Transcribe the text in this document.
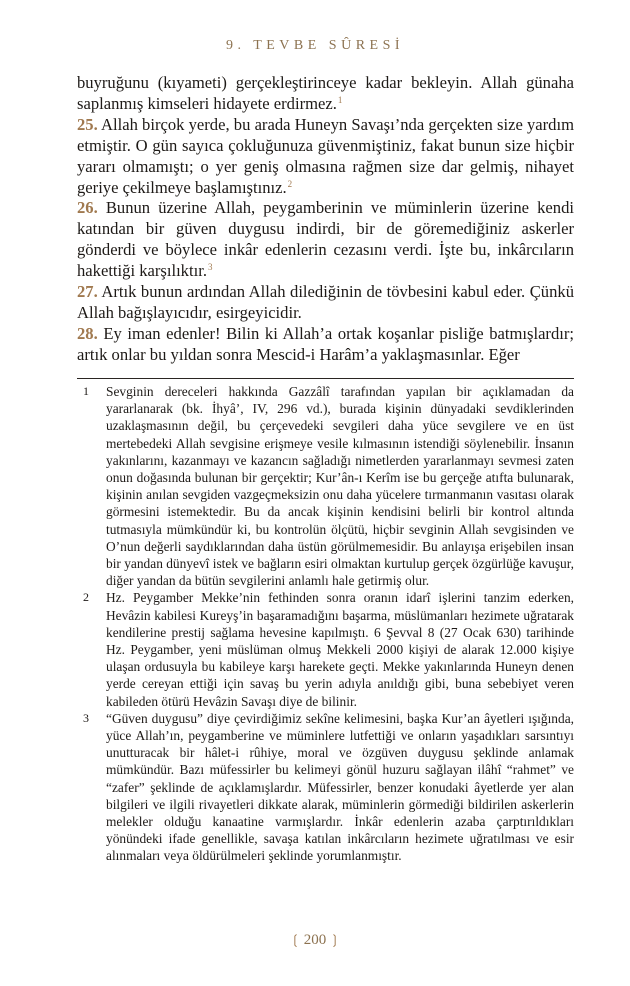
9. TEVBE SÛRESİ

buyruğunu (kıyameti) gerçekleştirinceye kadar bekleyin. Allah günaha saplanmış kimseleri hidayete erdirmez.$^1$

25. Allah birçok yerde, bu arada Huneyn Savaşı’nda gerçekten size yardım etmiştir. O gün sayıca çokluğunuza güvenmiştiniz, fakat bunun size hiçbir yararı olmamıştı; o yer geniş olmasına rağmen size dar gelmiş, nihayet geriye çekilmeye başlamıştınız.$^2$

26. Bunun üzerine Allah, peygamberinin ve müminlerin üzerine kendi katından bir güven duygusu indirdi, bir de göremediğiniz askerler gönderdi ve böylece inkâr edenlerin cezasını verdi. İşte bu, inkârcıların hakettiği karşılıktır.$^3$

27. Artık bunun ardından Allah dilediğinin de tövbesini kabul eder. Çünkü Allah bağışlayıcıdır, esirgeyicidir.

28. Ey iman edenler! Bilin ki Allah’a ortak koşanlar pisliğe batmışlardır; artık onlar bu yıldan sonra Mescid-i Harâm’a yaklaşmasınlar. Eğer

1	Sevginin dereceleri hakkında Gazzâlî tarafından yapılan bir açıklamadan da yararlanarak (bk. İhyâ’, IV, 296 vd.), burada kişinin dünyadaki sevdiklerinden uzaklaşmasının değil, bu çerçevedeki sevgileri daha yüce sevgilere ve en üst mertebedeki Allah sevgisine erişmeye vesile kılmasının istendiği söylenebilir. İnsanın yakınlarını, kazanmayı ve kazancın sağladığı nimetlerden yararlanmayı sevmesi zaten onun doğasında bulunan bir gerçektir; Kur’ân-ı Kerîm ise bu gerçeğe atıfta bulunarak, kişinin anılan sevgiden vazgeçmeksizin onu daha yücelere tırmanmanın vasıtası olarak görmesini istemektedir. Bu da ancak kişinin kendisini belirli bir kontrol altında tutmasıyla mümkündür ki, bu kontrolün ölçütü, hiçbir sevginin Allah sevgisinden ve O’nun değerli saydıklarından daha üstün görülmemesidir. Bu anlayışa erişebilen insan bir yandan dünyevî istek ve bağların esiri olmaktan kurtulup gerçek özgürlüğe kavuşur, diğer yandan da bütün sevgilerini anlamlı hale getirmiş olur.
2	Hz. Peygamber Mekke’nin fethinden sonra oranın idarî işlerini tanzim ederken, Hevâzin kabilesi Kureyş’in başaramadığını başarma, müslümanları hezimete uğratarak kendilerine prestij sağlama hevesine kapılmıştı. 6 Şevval 8 (27 Ocak 630) tarihinde Hz. Peygamber, yeni müslüman olmuş Mekkeli 2000 kişiyi de alarak 12.000 kişiye ulaşan ordusuyla bu kabileye karşı harekete geçti. Mekke yakınlarında Huneyn denen yerde cereyan ettiği için savaş bu yerin adıyla anıldığı gibi, buna sebebiyet veren kabileden ötürü Hevâzin Savaşı diye de bilinir.
3	“Güven duygusu” diye çevirdiğimiz sekîne kelimesini, başka Kur’an âyetleri ışığında, yüce Allah’ın, peygamberine ve müminlere lutfettiği ve onların yaşadıkları sarsıntıyı unutturacak bir hâlet-i rûhiye, moral ve özgüven duygusu şeklinde anlamak mümkündür. Bazı müfessirler bu kelimeyi gönül huzuru sağlayan ilâhî “rahmet” ve “zafer” şeklinde de açıklamışlardır. Müfessirler, benzer konudaki âyetlerde yer alan bilgileri ve ilgili rivayetleri dikkate alarak, müminlerin görmediği bildirilen askerlerin melekler olduğu kanaatine varmışlardır. İnkâr edenlerin azaba çarptırıldıkları yönündeki ifade genellikle, savaşa katılan inkârcıların hezimete uğratılması ve esir alınmaları veya öldürülmeleri şeklinde yorumlanmıştır.
❲ 200 ❳
